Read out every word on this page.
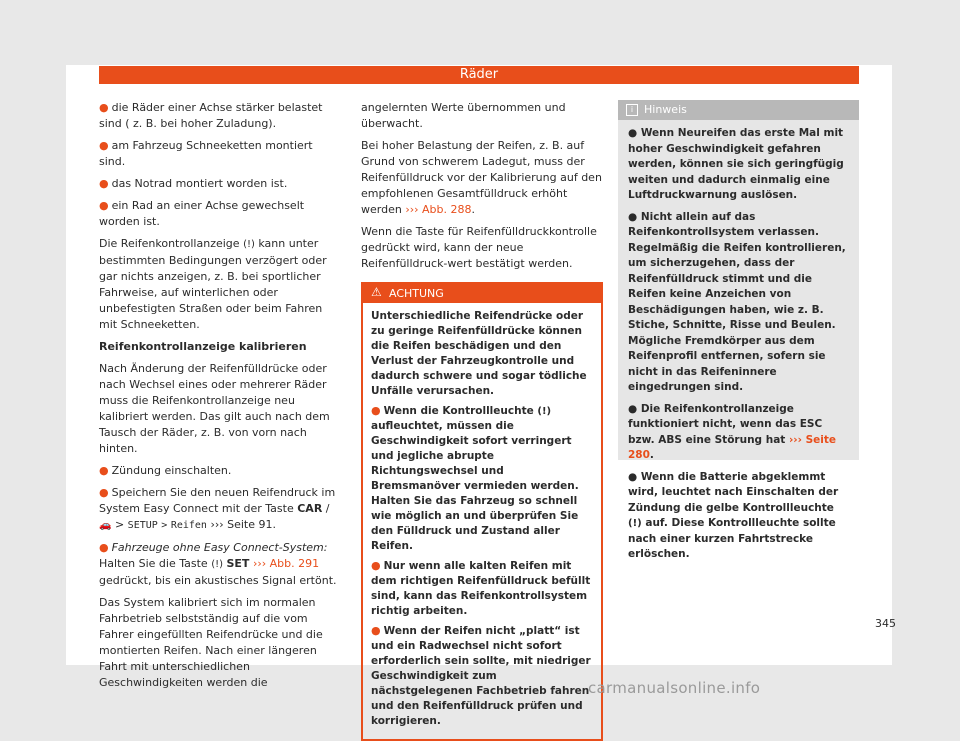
Räder

● die Räder einer Achse stärker belastet sind ( z. B. bei hoher Zuladung).

● am Fahrzeug Schneeketten montiert sind.

● das Notrad montiert worden ist.

● ein Rad an einer Achse gewechselt worden ist.

Die Reifenkontrollanzeige (!) kann unter bestimmten Bedingungen verzögert oder gar nichts anzeigen, z. B. bei sportlicher Fahrweise, auf winterlichen oder unbefestigten Straßen oder beim Fahren mit Schneeketten.

Reifenkontrollanzeige kalibrieren

Nach Änderung der Reifenfülldrücke oder nach Wechsel eines oder mehrerer Räder muss die Reifenkontrollanzeige neu kalibriert werden. Das gilt auch nach dem Tausch der Räder, z. B. von vorn nach hinten.

● Zündung einschalten.

● Speichern Sie den neuen Reifendruck im System Easy Connect mit der Taste CAR / 🚗 > SETUP > Reifen ››› Seite 91.

● Fahrzeuge ohne Easy Connect-System:
Halten Sie die Taste (!) SET ››› Abb. 291 gedrückt, bis ein akustisches Signal ertönt.

Das System kalibriert sich im normalen Fahrbetrieb selbstständig auf die vom Fahrer eingefüllten Reifendrücke und die montierten Reifen. Nach einer längeren Fahrt mit unterschiedlichen Geschwindigkeiten werden die

angelernten Werte übernommen und überwacht.

Bei hoher Belastung der Reifen, z. B. auf Grund von schwerem Ladegut, muss der Reifenfülldruck vor der Kalibrierung auf den empfohlenen Gesamtfülldruck erhöht werden ››› Abb. 288.

Wenn die Taste für Reifenfülldruckkontrolle gedrückt wird, kann der neue Reifenfülldruck-wert bestätigt werden.

⚠ ACHTUNG

Unterschiedliche Reifendrücke oder zu geringe Reifenfülldrücke können die Reifen beschädigen und den Verlust der Fahrzeugkontrolle und dadurch schwere und sogar tödliche Unfälle verursachen.

● Wenn die Kontrollleuchte (!) aufleuchtet, müssen die Geschwindigkeit sofort verringert und jegliche abrupte Richtungswechsel und Bremsmanöver vermieden werden. Halten Sie das Fahrzeug so schnell wie möglich an und überprüfen Sie den Fülldruck und Zustand aller Reifen.

● Nur wenn alle kalten Reifen mit dem richtigen Reifenfülldruck befüllt sind, kann das Reifenkontrollsystem richtig arbeiten.

● Wenn der Reifen nicht „platt“ ist und ein Radwechsel nicht sofort erforderlich sein sollte, mit niedriger Geschwindigkeit zum nächstgelegenen Fachbetrieb fahren und den Reifenfülldruck prüfen und korrigieren.

i Hinweis

● Wenn Neureifen das erste Mal mit hoher Geschwindigkeit gefahren werden, können sie sich geringfügig weiten und dadurch einmalig eine Luftdruckwarnung auslösen.

● Nicht allein auf das Reifenkontrollsystem verlassen. Regelmäßig die Reifen kontrollieren, um sicherzugehen, dass der Reifenfülldruck stimmt und die Reifen keine Anzeichen von Beschädigungen haben, wie z. B. Stiche, Schnitte, Risse und Beulen. Mögliche Fremdkörper aus dem Reifenprofil entfernen, sofern sie nicht in das Reifeninnere eingedrungen sind.

● Die Reifenkontrollanzeige funktioniert nicht, wenn das ESC bzw. ABS eine Störung hat ››› Seite 280.

● Wenn die Batterie abgeklemmt wird, leuchtet nach Einschalten der Zündung die gelbe Kontrollleuchte (!) auf. Diese Kontrollleuchte sollte nach einer kurzen Fahrtstrecke erlöschen.

345
carmanualsonline.info
